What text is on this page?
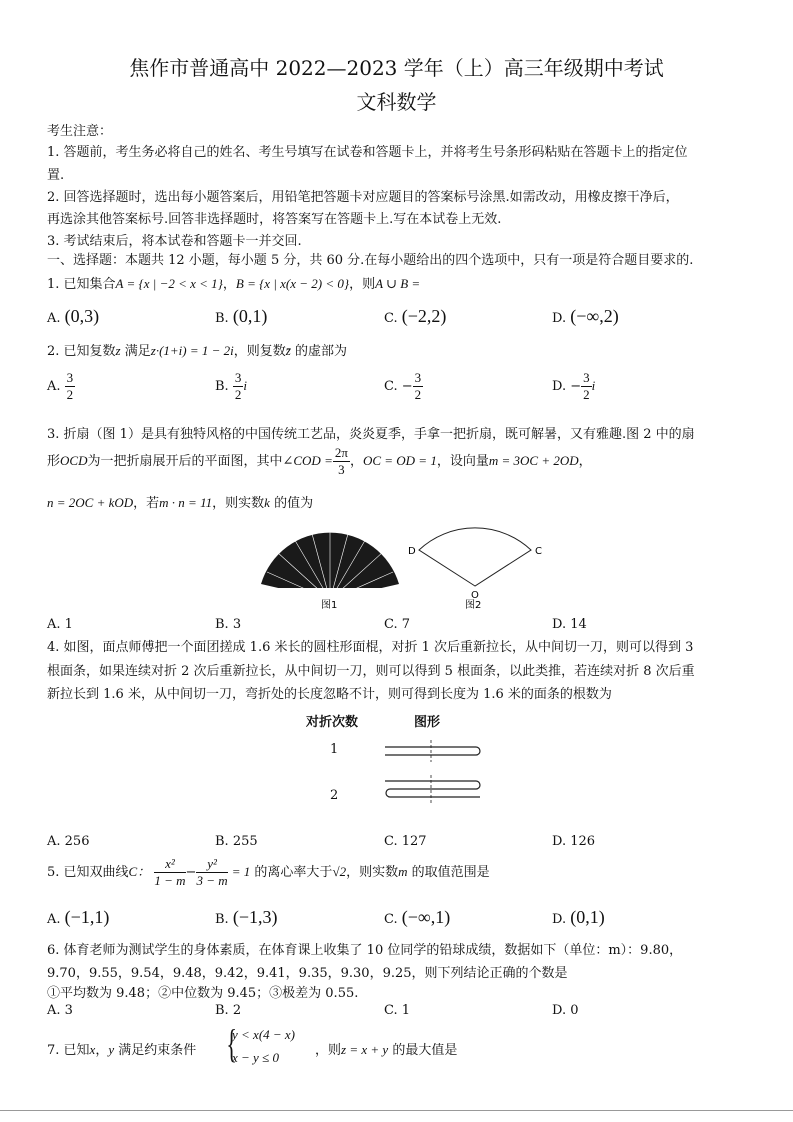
焦作市普通高中 2022—2023 学年（上）高三年级期中考试
文科数学
考生注意：
1. 答题前，考生务必将自己的姓名、考生号填写在试卷和答题卡上，并将考生号条形码粘贴在答题卡上的指定位
置.
2. 回答选择题时，选出每小题答案后，用铅笔把答题卡对应题目的答案标号涂黑.如需改动，用橡皮擦干净后，
再选涂其他答案标号.回答非选择题时，将答案写在答题卡上.写在本试卷上无效.
3. 考试结束后，将本试卷和答题卡一并交回.
一、选择题：本题共 12 小题，每小题 5 分，共 60 分.在每小题给出的四个选项中，只有一项是符合题目要求的.
1. 已知集合A = {x | −2 < x < 1}，B = {x | x(x − 2) < 0}，则A ∪ B =
A. (0,3)	B. (0,1)	C. (−2,2)	D. (−∞,2)
2. 已知复数z 满足z·(1+i) = 1 − 2i，则复数z̄ 的虚部为
A. $\frac{3}{2}$	B. $\frac{3}{2}$ i	C. − $\frac{3}{2}$	D. − $\frac{3}{2}$ i
3. 折扇（图 1）是具有独特风格的中国传统工艺品，炎炎夏季，手拿一把折扇，既可解暑，又有雅趣.图 2 中的扇
形OCD为一把折扇展开后的平面图，其中∠COD = $\frac{2\pi}{3}$ ，OC = OD = 1，设向量m = 3OC + 2OD，
n = 2OC + kOD，若m · n = 11，则实数k 的值为
图1
D	C
O
图2
A. 1	B. 3	C. 7	D. 14
4. 如图，面点师傅把一个面团搓成 1.6 米长的圆柱形面棍，对折 1 次后重新拉长，从中间切一刀，则可以得到 3
根面条，如果连续对折 2 次后重新拉长，从中间切一刀，则可以得到 5 根面条，以此类推，若连续对折 8 次后重
新拉长到 1.6 米，从中间切一刀，弯折处的长度忽略不计，则可得到长度为 1.6 米的面条的根数为
对折次数	图形
1
2
A. 256	B. 255	C. 127	D. 126
5. 已知双曲线C： $\frac{\text{x²}}{1 - m} - \frac{\text{y²}}{3 - m} = 1$ 的离心率大于√2，则实数m 的取值范围是
A. (−1,1)	B. (−1,3)	C. (−∞,1)	D. (0,1)
6. 体育老师为测试学生的身体素质，在体育课上收集了 10 位同学的铅球成绩，数据如下（单位：m）：9.80，
9.70，9.55，9.54，9.48，9.42，9.41，9.35，9.30，9.25，则下列结论正确的个数是
①平均数为 9.48；②中位数为 9.45；③极差为 0.55.
A. 3	B. 2	C. 1	D. 0
7. 已知x，y 满足约束条件 {
y < x(4 − x)
x − y ≤ 0	，则z = x + y 的最大值是
